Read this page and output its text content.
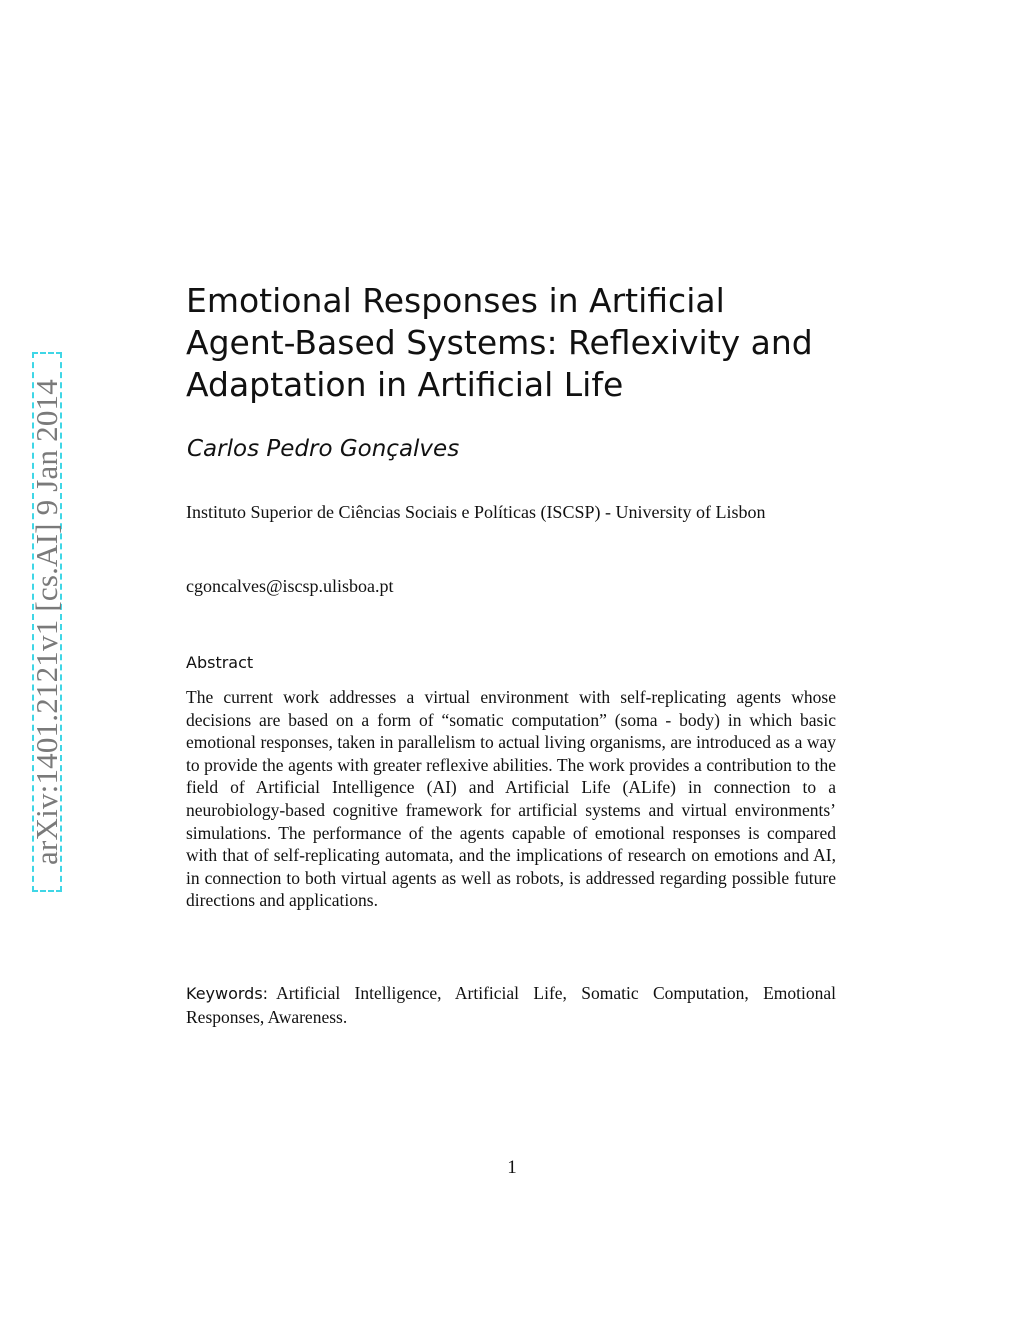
arXiv:1401.2121v1 [cs.AI] 9 Jan 2014
Emotional Responses in Artificial
Agent-Based Systems: Reflexivity and
Adaptation in Artificial Life
Carlos Pedro Gonçalves
Instituto Superior de Ciências Sociais e Políticas (ISCSP) - University of Lisbon
cgoncalves@iscsp.ulisboa.pt
Abstract

The current work addresses a virtual environment with self-replicating agents whose decisions are based on a form of “somatic computation” (soma - body) in which basic emotional responses, taken in parallelism to actual living organisms, are introduced as a way to provide the agents with greater reflexive abilities. The work provides a contribution to the field of Artificial Intelligence (AI) and Artificial Life (ALife) in connection to a neurobiology-based cognitive framework for artificial systems and virtual environments’ simulations. The performance of the agents capable of emotional responses is compared with that of self-replicating automata, and the implications of research on emotions and AI, in connection to both virtual agents as well as robots, is addressed regarding possible future directions and applications.

Keywords: Artificial Intelligence, Artificial Life, Somatic Computation, Emotional Responses, Awareness.

1
